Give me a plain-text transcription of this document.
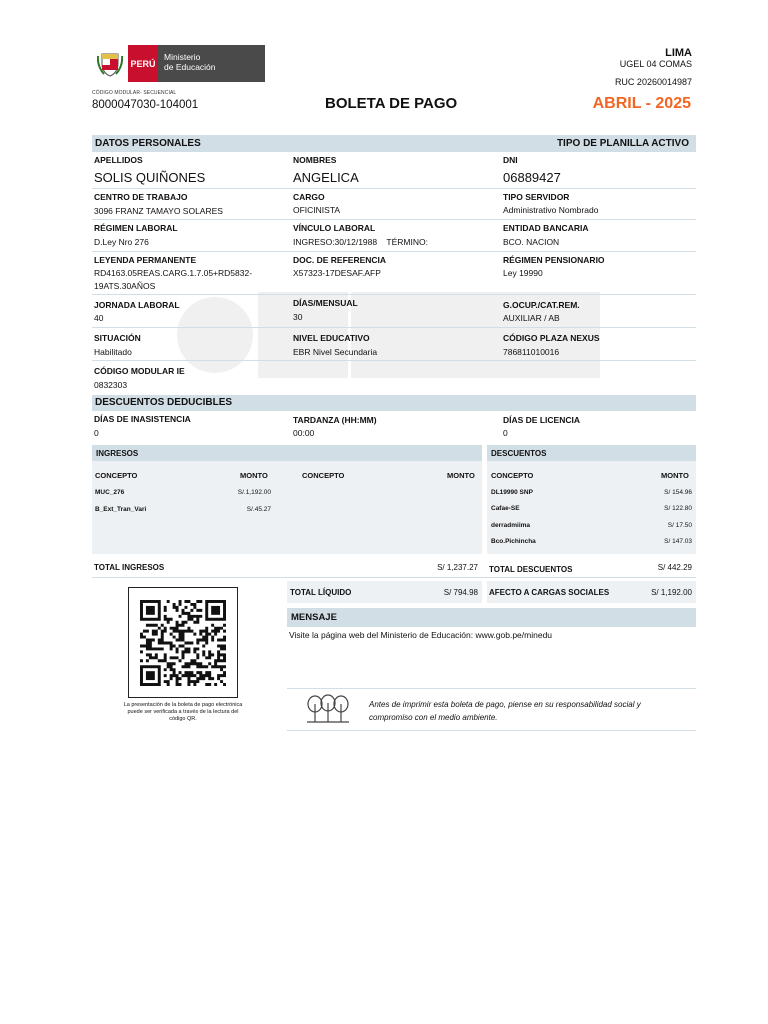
PERÚ
Ministerio
de Educación
CÓDIGO MODULAR- SECUENCIAL
8000047030-104001	BOLETA DE PAGO
LIMA
UGEL 04 COMAS
RUC 20260014987
ABRIL - 2025
DATOS PERSONALES	TIPO DE PLANILLA ACTIVO
APELLIDOS
SOLIS QUIÑONES
NOMBRES
ANGELICA
DNI
06889427
CENTRO DE TRABAJO
3096 FRANZ TAMAYO SOLARES
CARGO
OFICINISTA
TIPO SERVIDOR
Administrativo Nombrado
RÉGIMEN LABORAL
D.Ley Nro 276
VÍNCULO LABORAL
INGRESO:30/12/1988    TÉRMINO:
ENTIDAD BANCARIA
BCO. NACION
LEYENDA PERMANENTE
RD4163.05REAS.CARG.1.7.05+RD5832-
19ATS.30AÑOS
DOC. DE REFERENCIA
X57323-17DESAF.AFP
RÉGIMEN PENSIONARIO
Ley 19990
JORNADA LABORAL
40
DÍAS/MENSUAL
30
G.OCUP./CAT.REM.
AUXILIAR / AB
SITUACIÓN
Habilitado
NIVEL EDUCATIVO
EBR Nivel Secundaria
CÓDIGO PLAZA NEXUS
786811010016
CÓDIGO MODULAR IE
0832303
DESCUENTOS DEDUCIBLES
DÍAS DE INASISTENCIA
0
TARDANZA (HH:MM)
00:00
DÍAS DE LICENCIA
0
INGRESOS
CONCEPTO	MONTO	CONCEPTO	MONTO
MUC_276	S/.1,192.00
B_Ext_Tran_Vari	S/.45.27
DESCUENTOS
CONCEPTO	MONTO
DL19990 SNP	S/ 154.96
Cafae-SE	S/ 122.80
derradmiima	S/ 17.50
Bco.Pichincha	S/ 147.03
TOTAL INGRESOS	S/ 1,237.27 TOTAL DESCUENTOS	S/ 442.29
TOTAL LÍQUIDO	S/ 794.98 AFECTO A CARGAS SOCIALES	S/ 1,192.00
MENSAJE
Visite la página web del Ministerio de Educación: www.gob.pe/minedu
Antes de imprimir esta boleta de pago, piense en su responsabilidad social y
compromiso con el medio ambiente.
La presentación de la boleta de pago electrónica
puede ser verificada a través de la lectura del
código QR.
